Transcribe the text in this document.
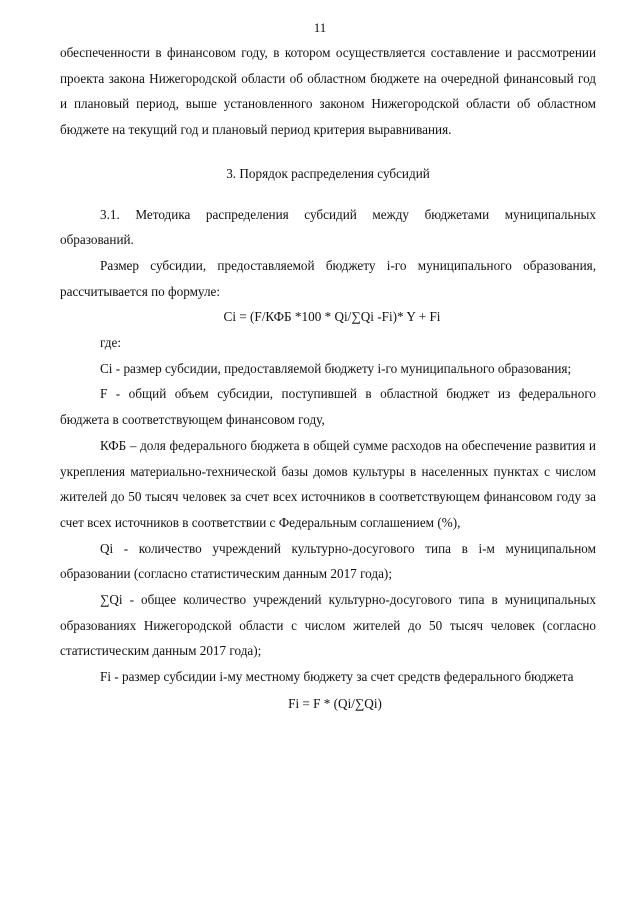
11

обеспеченности в финансовом году, в котором осуществляется составление и рассмотрении проекта закона Нижегородской области об областном бюджете на очередной финансовый год и плановый период, выше установленного законом Нижегородской области об областном бюджете на текущий год и плановый период критерия выравнивания.

3. Порядок распределения субсидий

3.1. Методика распределения субсидий между бюджетами муниципальных образований.

Размер субсидии, предоставляемой бюджету i-го муниципального образования, рассчитывается по формуле:

Ci = (F/КФБ *100 * Qi/∑Qi -Fi)* Y + Fi

где:

Ci - размер субсидии, предоставляемой бюджету i-го муниципального образования;

F - общий объем субсидии, поступившей в областной бюджет из федерального бюджета в соответствующем финансовом году,

КФБ – доля федерального бюджета в общей сумме расходов на обеспечение развития и укрепления материально-технической базы домов культуры в населенных пунктах с числом жителей до 50 тысяч человек за счет всех источников в соответствующем финансовом году за счет всех источников в соответствии с Федеральным соглашением (%),

Qi - количество учреждений культурно-досугового типа в i-м муниципальном образовании (согласно статистическим данным 2017 года);

∑Qi - общее количество учреждений культурно-досугового типа в муниципальных образованиях Нижегородской области с числом жителей до 50 тысяч человек (согласно статистическим данным 2017 года);

Fi - размер субсидии i-му местному бюджету за счет средств федерального бюджета

Fi = F * (Qi/∑Qi)
